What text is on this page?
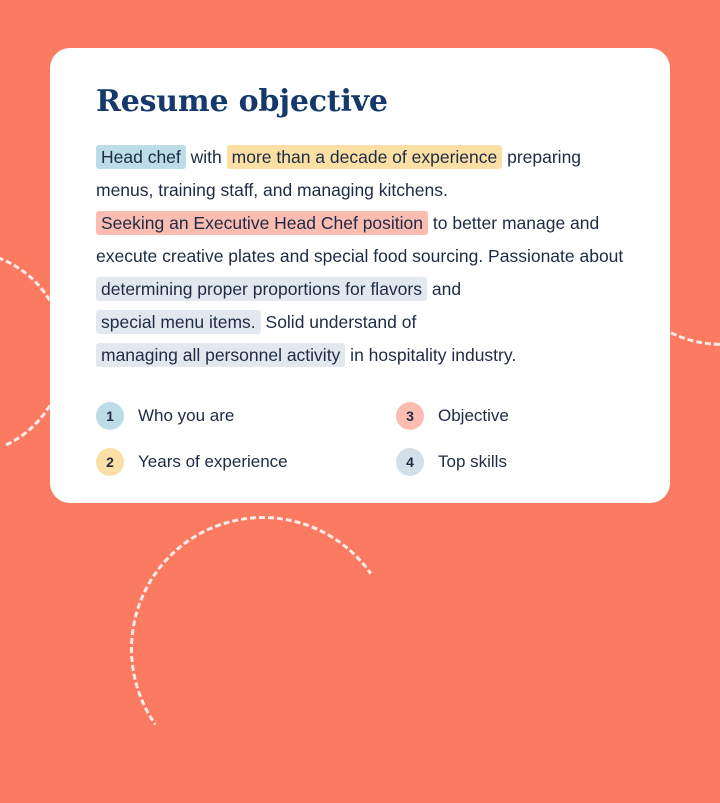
Resume objective
Head chef with more than a decade of experience preparing menus, training staff, and managing kitchens. Seeking an Executive Head Chef position to better manage and execute creative plates and special food sourcing. Passionate about determining proper proportions for flavors and special menu items. Solid understand of managing all personnel activity in hospitality industry.
1	Who you are	3	Objective
2	Years of experience	4	Top skills
